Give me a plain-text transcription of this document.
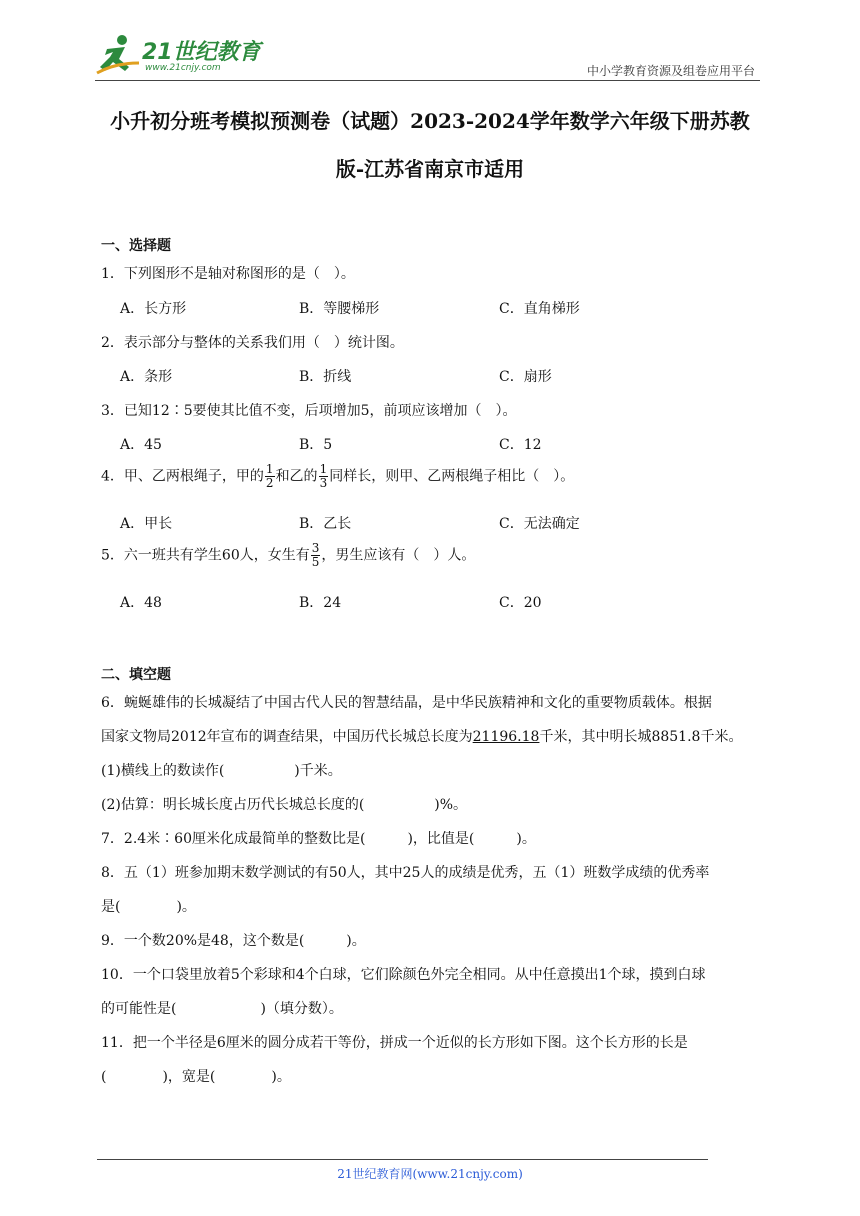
21世纪教育
www.21cnjy.com	中小学教育资源及组卷应用平台
小升初分班考模拟预测卷（试题）2023-2024学年数学六年级下册苏教
版-江苏省南京市适用
一、选择题
1．下列图形不是轴对称图形的是（　）。
A．长方形	B．等腰梯形	C．直角梯形
2．表示部分与整体的关系我们用（　）统计图。
A．条形	B．折线	C．扇形
3．已知12∶5要使其比值不变，后项增加5，前项应该增加（　）。
A．45	B．5	C．12
4．甲、乙两根绳子，甲的 $\frac{1}{2}$ 和乙的 $\frac{1}{3}$ 同样长，则甲、乙两根绳子相比（　）。
A．甲长	B．乙长	C．无法确定
5．六一班共有学生60人，女生有 $\frac{3}{5}$ ，男生应该有（　）人。
A．48	B．24	C．20
二、填空题
6．蜿蜒雄伟的长城凝结了中国古代人民的智慧结晶，是中华民族精神和文化的重要物质载体。根据
国家文物局2012年宣布的调查结果，中国历代长城总长度为21196.18千米，其中明长城8851.8千米。
(1)横线上的数读作(　　　　　)千米。
(2)估算：明长城长度占历代长城总长度的(　　　　　)%。
7．2.4米∶60厘米化成最简单的整数比是(　　　)，比值是(　　　)。
8．五（1）班参加期末数学测试的有50人，其中25人的成绩是优秀，五（1）班数学成绩的优秀率
是(　　　　)。
9．一个数20%是48，这个数是(　　　)。
10．一个口袋里放着5个彩球和4个白球，它们除颜色外完全相同。从中任意摸出1个球，摸到白球
的可能性是(　　　　　　)（填分数）。
11．把一个半径是6厘米的圆分成若干等份，拼成一个近似的长方形如下图。这个长方形的长是
(　　　　)，宽是(　　　　)。
21世纪教育网(www.21cnjy.com)
